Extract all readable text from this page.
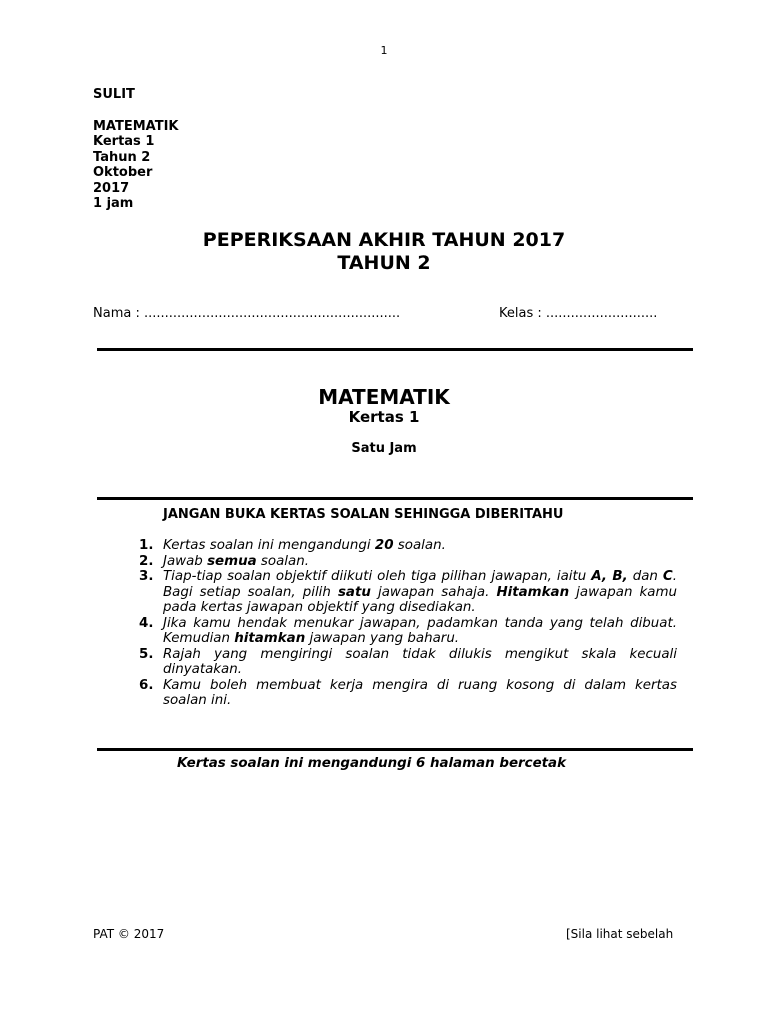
1
SULIT
MATEMATIK
Kertas 1
Tahun 2
Oktober
2017
1 jam
PEPERIKSAAN AKHIR TAHUN 2017
TAHUN 2
Nama : ..............................................................	Kelas : ...........................
MATEMATIK
Kertas 1
Satu Jam
JANGAN BUKA KERTAS SOALAN SEHINGGA DIBERITAHU
1. Kertas soalan ini mengandungi 20 soalan.
2. Jawab semua soalan.
3. Tiap-tiap soalan objektif diikuti oleh tiga pilihan jawapan, iaitu A, B, dan C. Bagi setiap soalan, pilih satu jawapan sahaja. Hitamkan jawapan kamu pada kertas jawapan objektif yang disediakan.
4. Jika kamu hendak menukar jawapan, padamkan tanda yang telah dibuat. Kemudian hitamkan jawapan yang baharu.
5. Rajah yang mengiringi soalan tidak dilukis mengikut skala kecuali dinyatakan.
6. Kamu boleh membuat kerja mengira di ruang kosong di dalam kertas soalan ini.
Kertas soalan ini mengandungi 6 halaman bercetak
PAT © 2017	[Sila lihat sebelah
